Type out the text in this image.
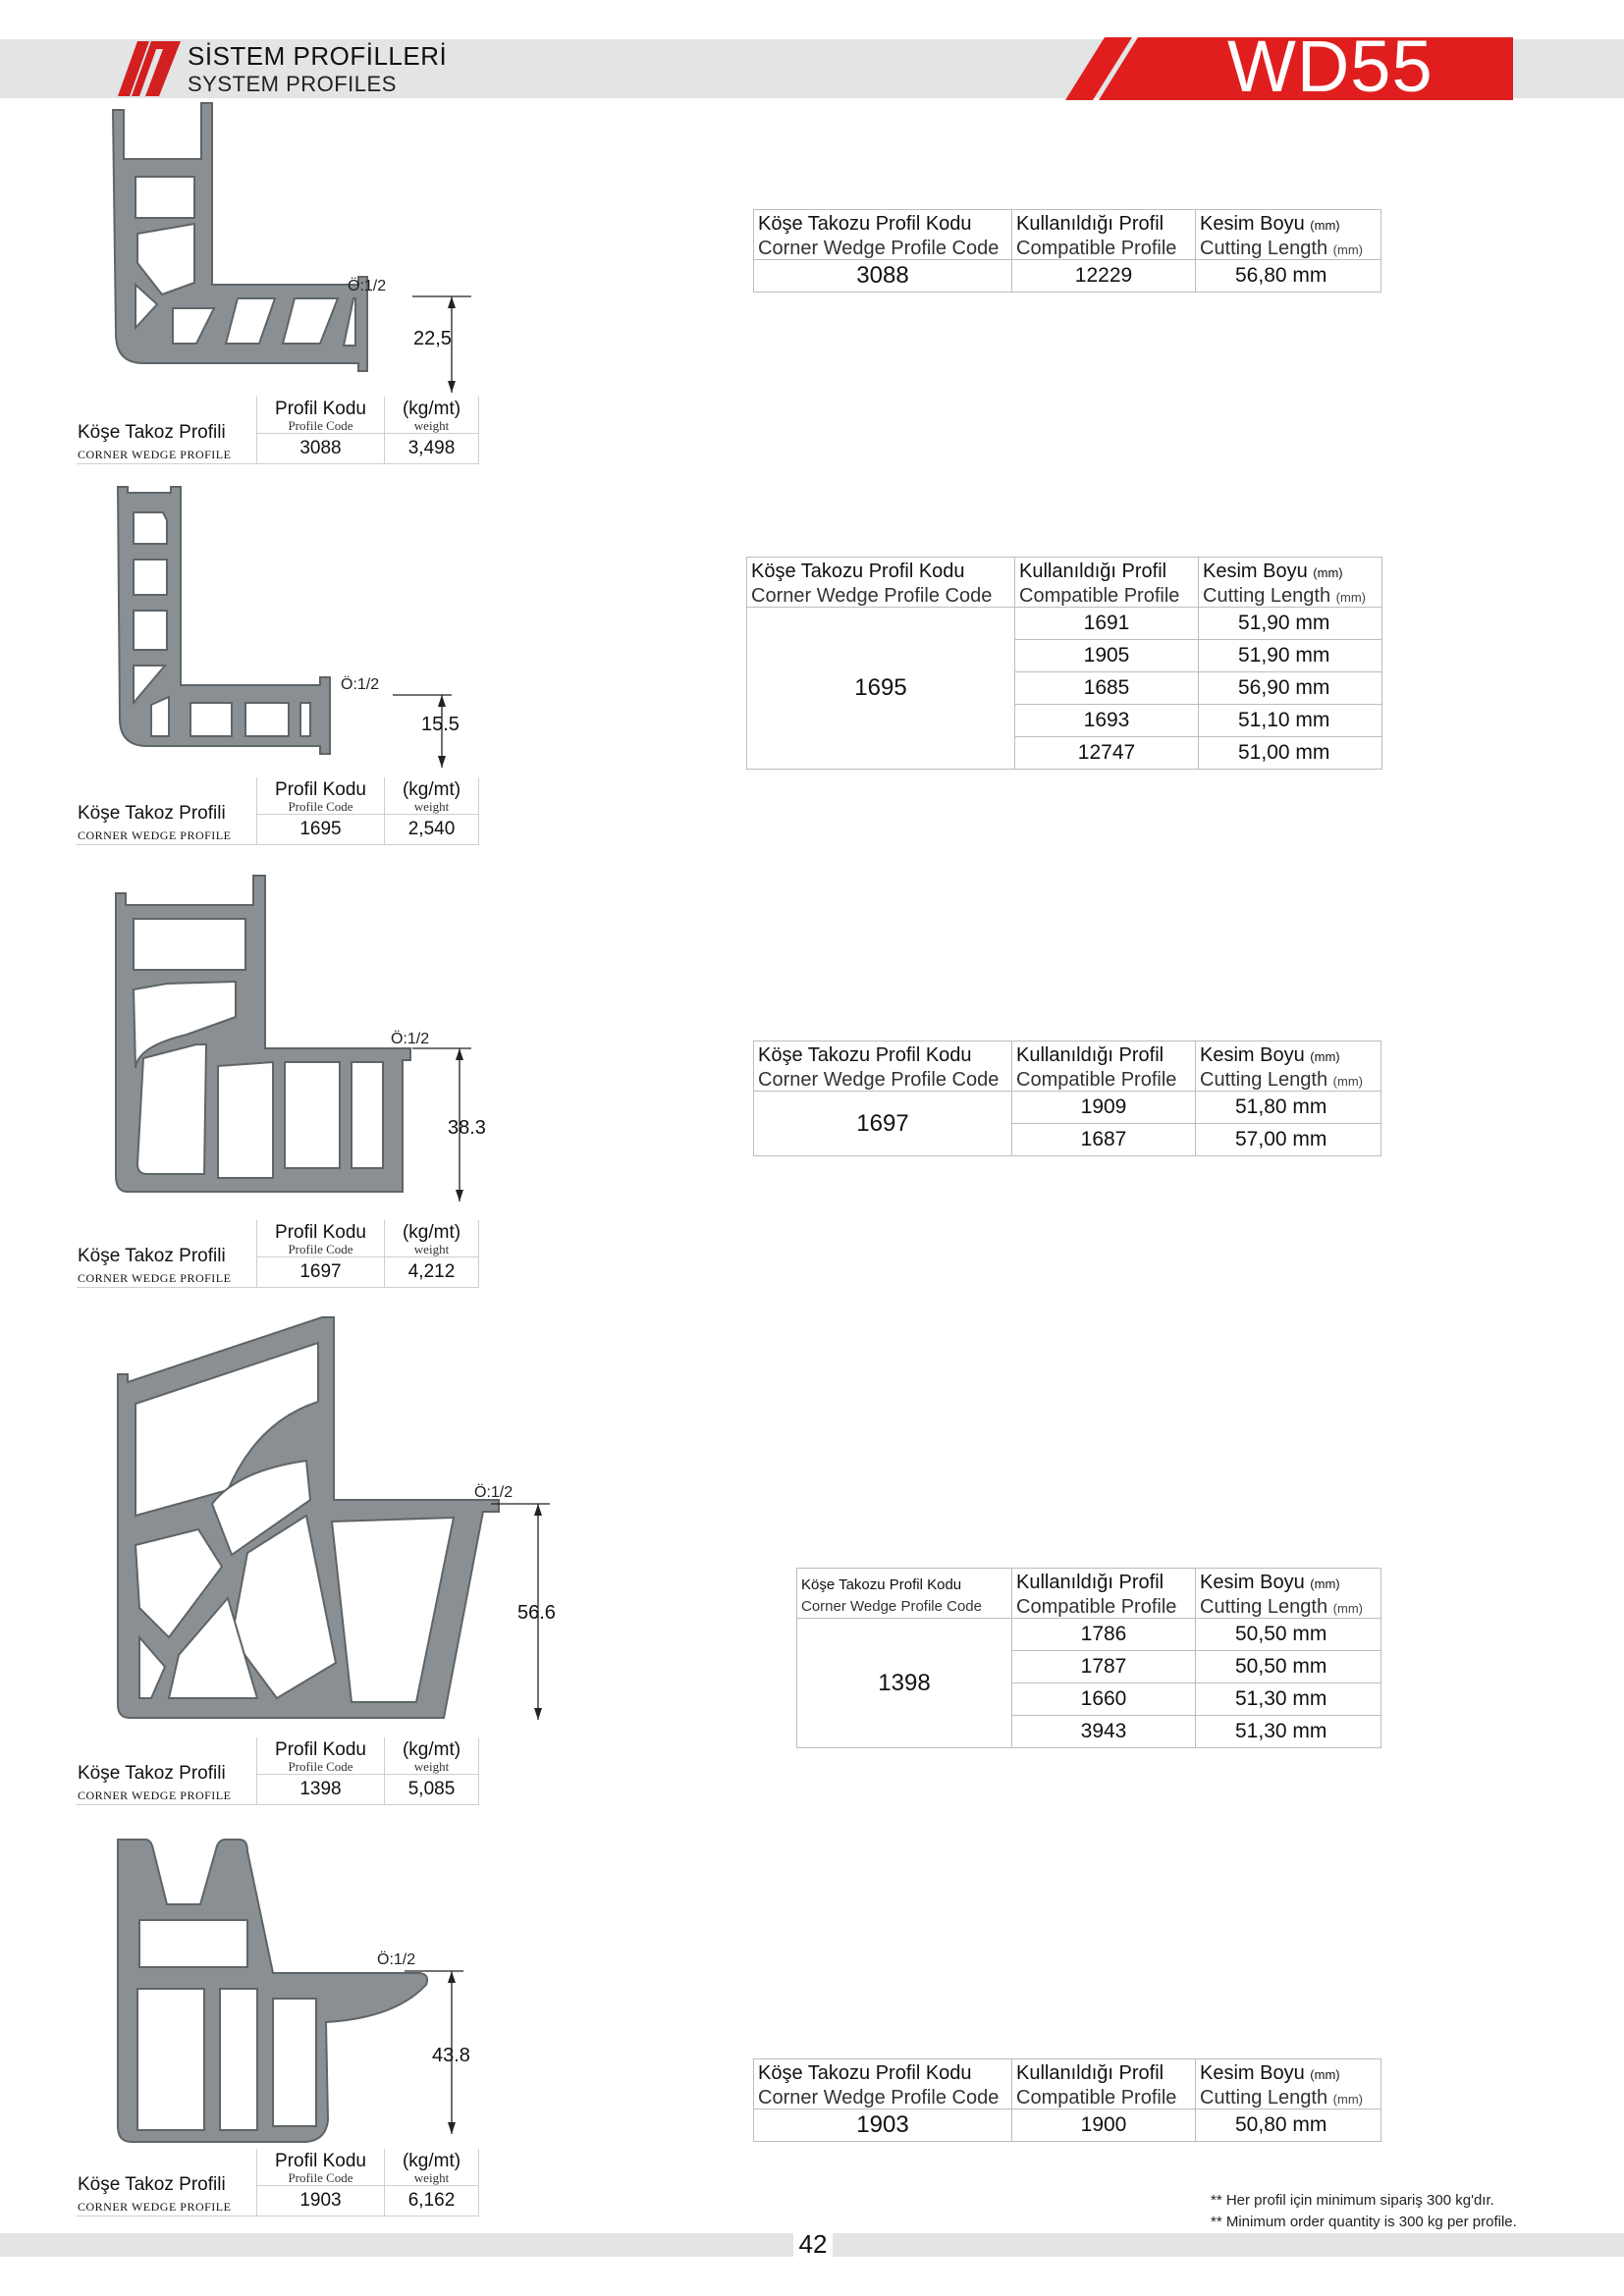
SİSTEM PROFİLLERİ
SYSTEM PROFILES	WD55
Ö:1/2
22,5
Köşe Takoz Profili
CORNER WEDGE PROFILE	Profil Kodu
Profile Code	(kg/mt)
weight

	3088	3,498
Köşe Takozu Profil Kodu
Corner Wedge Profile Code	Kullanıldığı Profil
Compatible Profile	Kesim Boyu (mm)
Cutting Length (mm)

3088	12229	56,80 mm
Ö:1/2
15.5
Köşe Takoz Profili
CORNER WEDGE PROFILE	Profil Kodu
Profile Code	(kg/mt)
weight

	1695	2,540
Köşe Takozu Profil Kodu
Corner Wedge Profile Code	Kullanıldığı Profil
Compatible Profile	Kesim Boyu (mm)
Cutting Length (mm)

1695	1691	51,90 mm
	1905	51,90 mm
	1685	56,90 mm
	1693	51,10 mm
	12747	51,00 mm
Ö:1/2
38.3
Köşe Takoz Profili
CORNER WEDGE PROFILE	Profil Kodu
Profile Code	(kg/mt)
weight

	1697	4,212
Köşe Takozu Profil Kodu
Corner Wedge Profile Code	Kullanıldığı Profil
Compatible Profile	Kesim Boyu (mm)
Cutting Length (mm)

1697	1909	51,80 mm
	1687	57,00 mm
Ö:1/2
56.6
Köşe Takoz Profili
CORNER WEDGE PROFILE	Profil Kodu
Profile Code	(kg/mt)
weight

	1398	5,085
Köşe Takozu Profil Kodu
Corner Wedge Profile Code	Kullanıldığı Profil
Compatible Profile	Kesim Boyu (mm)
Cutting Length (mm)

1398	1786	50,50 mm
	1787	50,50 mm
	1660	51,30 mm
	3943	51,30 mm
Ö:1/2
43.8
Köşe Takoz Profili
CORNER WEDGE PROFILE	Profil Kodu
Profile Code	(kg/mt)
weight

	1903	6,162
Köşe Takozu Profil Kodu
Corner Wedge Profile Code	Kullanıldığı Profil
Compatible Profile	Kesim Boyu (mm)
Cutting Length (mm)

1903	1900	50,80 mm
** Her profil için minimum sipariş 300 kg'dır.
** Minimum order quantity is 300 kg per profile.
42
